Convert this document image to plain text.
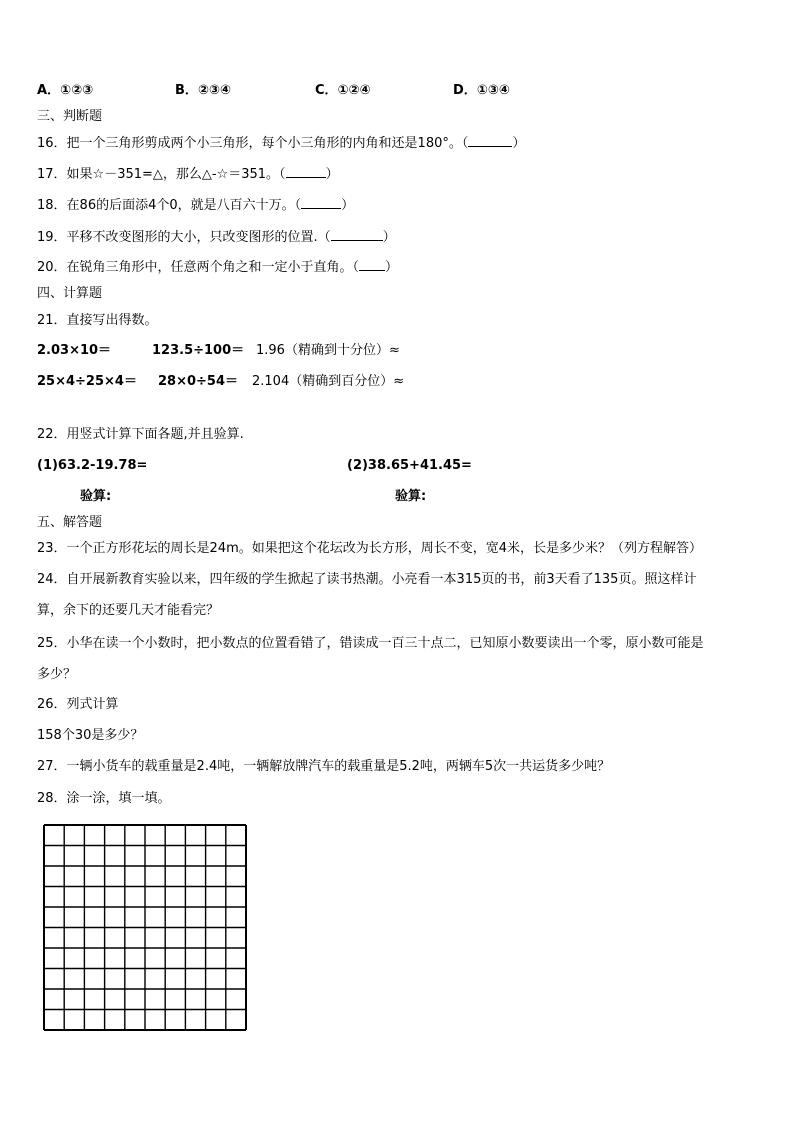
A．①②③	B．②③④	C．①②④	D．①③④
三、判断题
16．把一个三角形剪成两个小三角形，每个小三角形的内角和还是180°。（	）
17．如果☆－351=△，那么△-☆＝351。（	）
18．在86的后面添4个0，就是八百六十万。（	）
19．平移不改变图形的大小，只改变图形的位置.（	）
20．在锐角三角形中，任意两个角之和一定小于直角。（ ）
四、计算题
21．直接写出得数。
2.03×10＝	123.5÷100＝ 1.96（精确到十分位）≈
25×4÷25×4＝ 28×0÷54＝ 2.104（精确到百分位）≈
22．用竖式计算下面各题,并且验算.
(1)63.2-19.78=	(2)38.65+41.45=
验算:	验算:
五、解答题
23．一个正方形花坛的周长是24m。如果把这个花坛改为长方形，周长不变，宽4米，长是多少米？（列方程解答）
24．自开展新教育实验以来，四年级的学生掀起了读书热潮。小亮看一本315页的书，前3天看了135页。照这样计
算，余下的还要几天才能看完？
25．小华在读一个小数时，把小数点的位置看错了，错读成一百三十点二，已知原小数要读出一个零，原小数可能是
多少？
26．列式计算
158个30是多少？
27．一辆小货车的载重量是2.4吨，一辆解放牌汽车的载重量是5.2吨，两辆车5次一共运货多少吨？
28．涂一涂，填一填。
